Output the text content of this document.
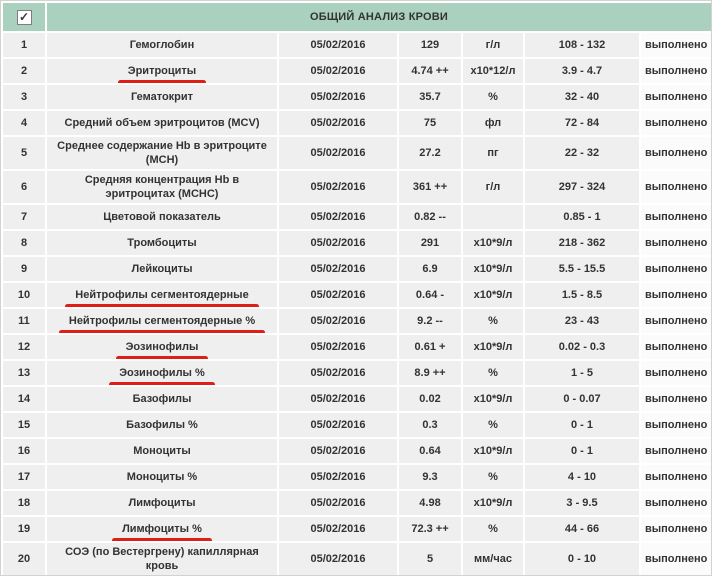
✓	ОБЩИЙ АНАЛИЗ КРОВИ					
1	Гемоглобин	05/02/2016	129	г/л	108 - 132	выполнено
2	Эритроциты	05/02/2016	4.74 ++	х10*12/л	3.9 - 4.7	выполнено
3	Гематокрит	05/02/2016	35.7	%	32 - 40	выполнено
4	Средний объем эритроцитов (MCV)	05/02/2016	75	фл	72 - 84	выполнено
5	Среднее содержание Hb в эритроците (MCH)	05/02/2016	27.2	пг	22 - 32	выполнено
6	Средняя концентрация Hb в эритроцитах (MCHC)	05/02/2016	361 ++	г/л	297 - 324	выполнено
7	Цветовой показатель	05/02/2016	0.82 --		0.85 - 1	выполнено
8	Тромбоциты	05/02/2016	291	х10*9/л	218 - 362	выполнено
9	Лейкоциты	05/02/2016	6.9	х10*9/л	5.5 - 15.5	выполнено
10	Нейтрофилы сегментоядерные	05/02/2016	0.64 -	х10*9/л	1.5 - 8.5	выполнено
11	Нейтрофилы сегментоядерные %	05/02/2016	9.2 --	%	23 - 43	выполнено
12	Эозинофилы	05/02/2016	0.61 +	х10*9/л	0.02 - 0.3	выполнено
13	Эозинофилы %	05/02/2016	8.9 ++	%	1 - 5	выполнено
14	Базофилы	05/02/2016	0.02	х10*9/л	0 - 0.07	выполнено
15	Базофилы %	05/02/2016	0.3	%	0 - 1	выполнено
16	Моноциты	05/02/2016	0.64	х10*9/л	0 - 1	выполнено
17	Моноциты %	05/02/2016	9.3	%	4 - 10	выполнено
18	Лимфоциты	05/02/2016	4.98	х10*9/л	3 - 9.5	выполнено
19	Лимфоциты %	05/02/2016	72.3 ++	%	44 - 66	выполнено
20	СОЭ (по Вестергрену) капиллярная кровь	05/02/2016	5	мм/час	0 - 10	выполнено
